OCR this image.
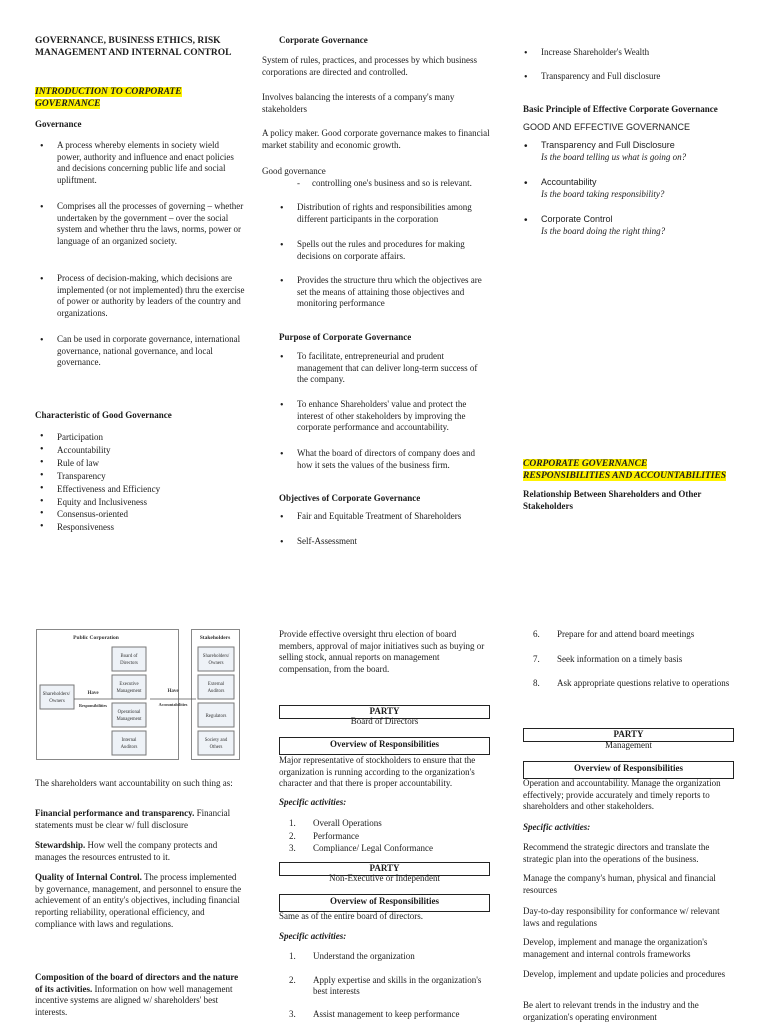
GOVERNANCE, BUSINESS ETHICS, RISK
MANAGEMENT AND INTERNAL CONTROL
INTRODUCTION TO CORPORATE
GOVERNANCE

Governance

• A process whereby elements in society wield power, authority and influence and enact policies and decisions concerning public life and social upliftment.
• Comprises all the processes of governing – whether undertaken by the government – over the social system and whether thru the laws, norms, power or language of an organized society.
• Process of decision-making, which decisions are implemented (or not implemented) thru the exercise of power or authority by leaders of the country and organizations.
• Can be used in corporate governance, international governance, national governance, and local governance.

Characteristic of Good Governance

• Participation
• Accountability
• Rule of law
• Transparency
• Effectiveness and Efficiency
• Equity and Inclusiveness
• Consensus-oriented
• Responsiveness

Corporate Governance

System of rules, practices, and processes by which business corporations are directed and controlled.

Involves balancing the interests of a company's many stakeholders

A policy maker. Good corporate governance makes to financial market stability and economic growth.

Good governance

- controlling one's business and so is relevant.
• Distribution of rights and responsibilities among different participants in the corporation
• Spells out the rules and procedures for making decisions on corporate affairs.
• Provides the structure thru which the objectives are set the means of attaining those objectives and monitoring performance

Purpose of Corporate Governance

• To facilitate, entrepreneurial and prudent management that can deliver long-term success of the company.
• To enhance Shareholders' value and protect the interest of other stakeholders by improving the corporate performance and accountability.
• What the board of directors of company does and how it sets the values of the business firm.

Objectives of Corporate Governance

• Fair and Equitable Treatment of Shareholders
• Self-Assessment
• Increase Shareholder's Wealth
• Transparency and Full disclosure

Basic Principle of Effective Corporate Governance

GOOD AND EFFECTIVE GOVERNANCE

• Transparency and Full Disclosure
Is the board telling us what is going on?
• Accountability
Is the board taking responsibility?
• Corporate Control
Is the board doing the right thing?
CORPORATE GOVERNANCE
RESPONSIBILITIES AND ACCOUNTABILITIES

Relationship Between Shareholders and Other Stakeholders

Public Corporation	Stakeholders
Shareholders/ Owners
Have
Responsibilities
Board of Directors
Executive Management
Operational Management
Internal Auditors
Have
Accountabilities
Shareholders/ Owners
External Auditors
Regulators
Society and Others

The shareholders want accountability on such thing as:

Financial performance and transparency. Financial statements must be clear w/ full disclosure

Stewardship. How well the company protects and manages the resources entrusted to it.

Quality of Internal Control. The process implemented by governance, management, and personnel to ensure the achievement of an entity's objectives, including financial reporting reliability, operational efficiency, and compliance with laws and regulations.

Composition of the board of directors and the nature of its activities. Information on how well management incentive systems are aligned w/ shareholders' best interests.

Provide effective oversight thru election of board members, approval of major initiatives such as buying or selling stock, annual reports on management compensation, from the board.

PARTY
Board of Directors
Overview of Responsibilities

Major representative of stockholders to ensure that the organization is running according to the organization's character and that there is proper accountability.

Specific activities:

1. Overall Operations
2. Performance
3. Compliance/ Legal Conformance
PARTY
Non-Executive or Independent
Overview of Responsibilities

Same as of the entire board of directors.

Specific activities:

1. Understand the organization
2. Apply expertise and skills in the organization's best interests
3. Assist management to keep performance
6. Prepare for and attend board meetings
7. Seek information on a timely basis
8. Ask appropriate questions relative to operations
PARTY
Management
Overview of Responsibilities

Operation and accountability. Manage the organization effectively; provide accurately and timely reports to shareholders and other stakeholders.

Specific activities:

Recommend the strategic directors and translate the strategic plan into the operations of the business.

Manage the company's human, physical and financial resources

Day-to-day responsibility for conformance w/ relevant laws and regulations

Develop, implement and manage the organization's management and internal controls frameworks

Develop, implement and update policies and procedures

Be alert to relevant trends in the industry and the organization's operating environment
